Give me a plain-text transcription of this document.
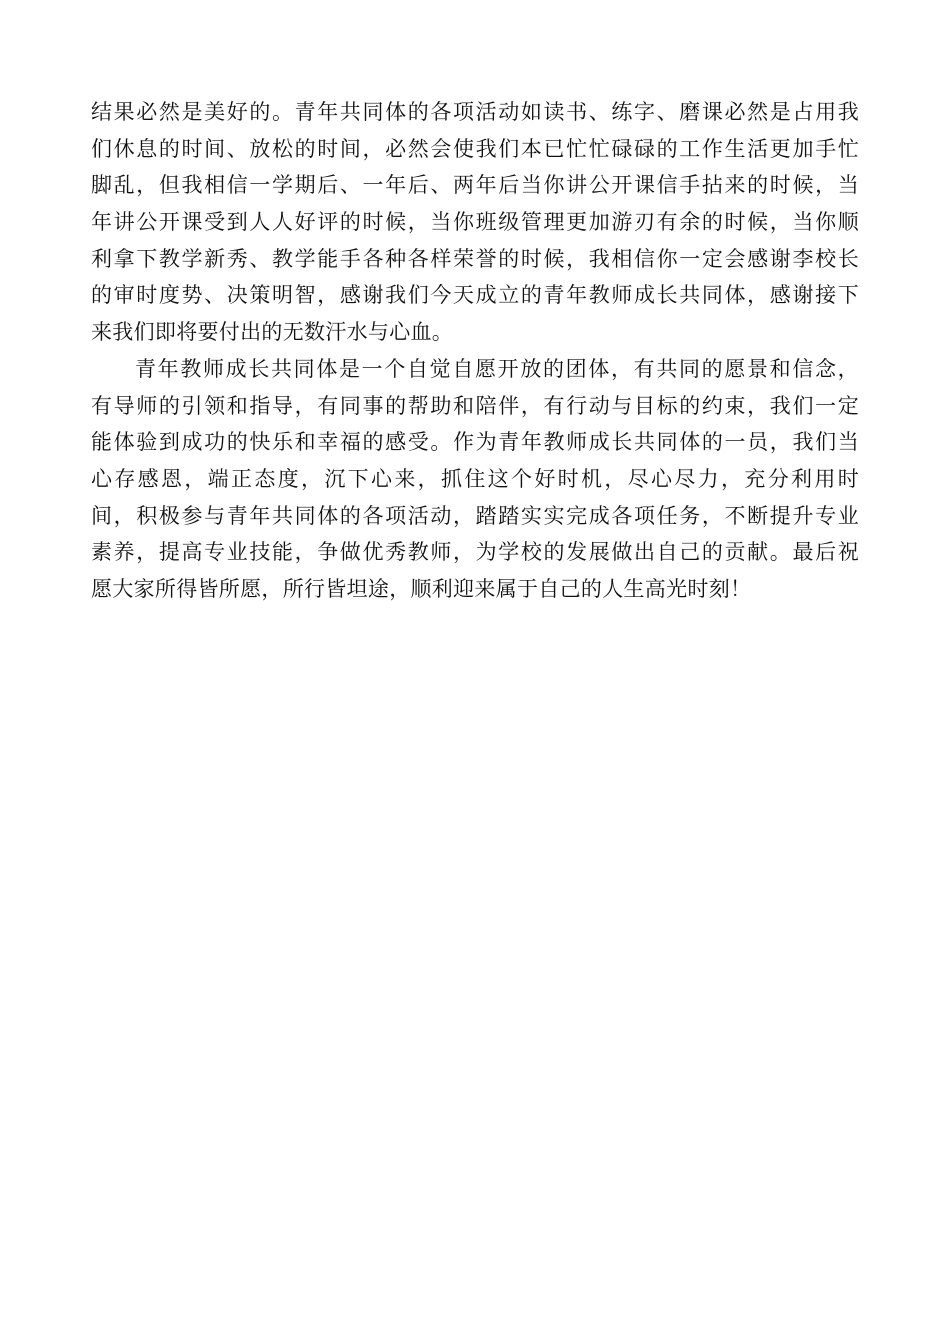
结果必然是美好的。青年共同体的各项活动如读书、练字、磨课必然是占用我
们休息的时间、放松的时间，必然会使我们本已忙忙碌碌的工作生活更加手忙
脚乱，但我相信一学期后、一年后、两年后当你讲公开课信手拈来的时候，当
年讲公开课受到人人好评的时候，当你班级管理更加游刃有余的时候，当你顺
利拿下教学新秀、教学能手各种各样荣誉的时候，我相信你一定会感谢李校长
的审时度势、决策明智，感谢我们今天成立的青年教师成长共同体，感谢接下
来我们即将要付出的无数汗水与心血。
青年教师成长共同体是一个自觉自愿开放的团体，有共同的愿景和信念，
有导师的引领和指导，有同事的帮助和陪伴，有行动与目标的约束，我们一定
能体验到成功的快乐和幸福的感受。作为青年教师成长共同体的一员，我们当
心存感恩，端正态度，沉下心来，抓住这个好时机，尽心尽力，充分利用时
间，积极参与青年共同体的各项活动，踏踏实实完成各项任务，不断提升专业
素养，提高专业技能，争做优秀教师，为学校的发展做出自己的贡献。最后祝
愿大家所得皆所愿，所行皆坦途，顺利迎来属于自己的人生高光时刻！
